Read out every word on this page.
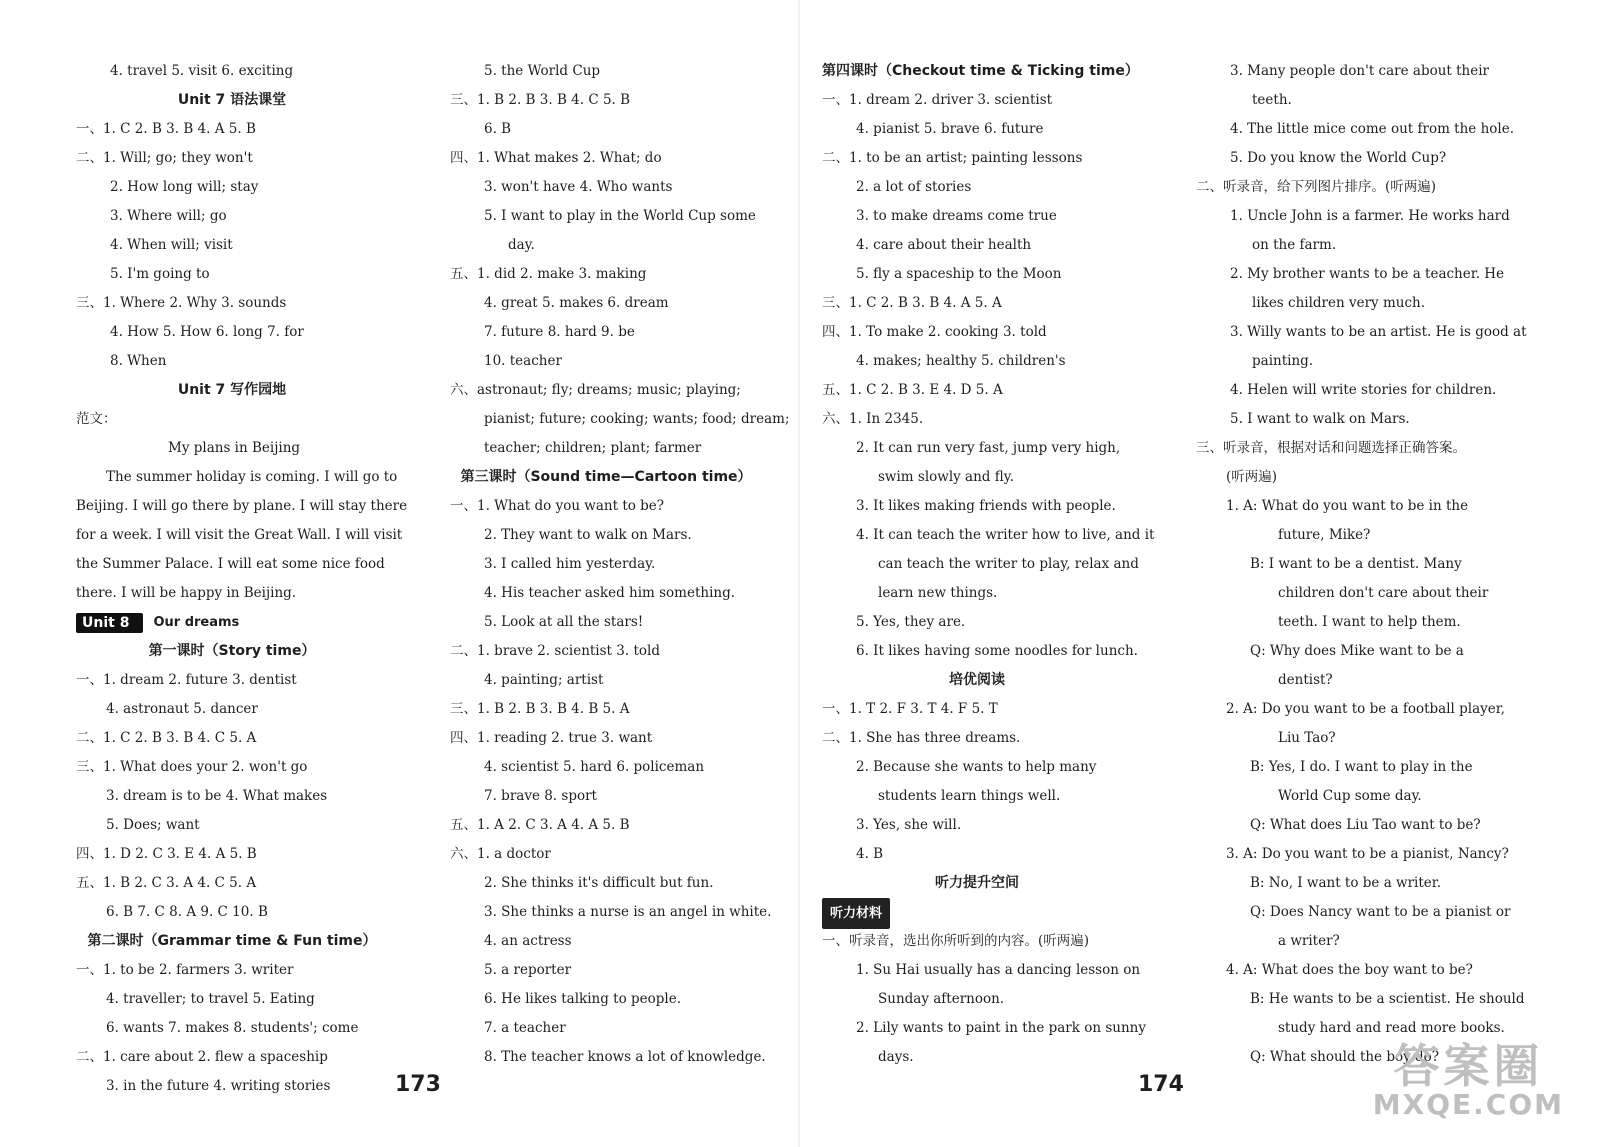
4. travel 5. visit 6. exciting
Unit 7 语法课堂
一、1. C 2. B 3. B 4. A 5. B
二、1. Will; go; they won't
2. How long will; stay
3. Where will; go
4. When will; visit
5. I'm going to
三、1. Where 2. Why 3. sounds
4. How 5. How 6. long 7. for
8. When
Unit 7 写作园地
范文：
My plans in Beijing
The summer holiday is coming. I will go to
Beijing. I will go there by plane. I will stay there
for a week. I will visit the Great Wall. I will visit
the Summer Palace. I will eat some nice food
there. I will be happy in Beijing.
Unit 8	Our dreams
第一课时（Story time）
一、1. dream 2. future 3. dentist
4. astronaut 5. dancer
二、1. C 2. B 3. B 4. C 5. A
三、1. What does your 2. won't go
3. dream is to be 4. What makes
5. Does; want
四、1. D 2. C 3. E 4. A 5. B
五、1. B 2. C 3. A 4. C 5. A
6. B 7. C 8. A 9. C 10. B
第二课时（Grammar time & Fun time）
一、1. to be 2. farmers 3. writer
4. traveller; to travel 5. Eating
6. wants 7. makes 8. students'; come
二、1. care about 2. flew a spaceship
3. in the future 4. writing stories
5. the World Cup
三、1. B 2. B 3. B 4. C 5. B
6. B
四、1. What makes 2. What; do
3. won't have 4. Who wants
5. I want to play in the World Cup some
day.
五、1. did 2. make 3. making
4. great 5. makes 6. dream
7. future 8. hard 9. be
10. teacher
六、astronaut; fly; dreams; music; playing;
pianist; future; cooking; wants; food; dream;
teacher; children; plant; farmer
第三课时（Sound time—Cartoon time）
一、1. What do you want to be?
2. They want to walk on Mars.
3. I called him yesterday.
4. His teacher asked him something.
5. Look at all the stars!
二、1. brave 2. scientist 3. told
4. painting; artist
三、1. B 2. B 3. B 4. B 5. A
四、1. reading 2. true 3. want
4. scientist 5. hard 6. policeman
7. brave 8. sport
五、1. A 2. C 3. A 4. A 5. B
六、1. a doctor
2. She thinks it's difficult but fun.
3. She thinks a nurse is an angel in white.
4. an actress
5. a reporter
6. He likes talking to people.
7. a teacher
8. The teacher knows a lot of knowledge.
第四课时（Checkout time & Ticking time）
一、1. dream 2. driver 3. scientist
4. pianist 5. brave 6. future
二、1. to be an artist; painting lessons
2. a lot of stories
3. to make dreams come true
4. care about their health
5. fly a spaceship to the Moon
三、1. C 2. B 3. B 4. A 5. A
四、1. To make 2. cooking 3. told
4. makes; healthy 5. children's
五、1. C 2. B 3. E 4. D 5. A
六、1. In 2345.
2. It can run very fast, jump very high,
swim slowly and fly.
3. It likes making friends with people.
4. It can teach the writer how to live, and it
can teach the writer to play, relax and
learn new things.
5. Yes, they are.
6. It likes having some noodles for lunch.
培优阅读
一、1. T 2. F 3. T 4. F 5. T
二、1. She has three dreams.
2. Because she wants to help many
students learn things well.
3. Yes, she will.
4. B
听力提升空间
听力材料
一、听录音，选出你所听到的内容。(听两遍)
1. Su Hai usually has a dancing lesson on
Sunday afternoon.
2. Lily wants to paint in the park on sunny
days.
3. Many people don't care about their
teeth.
4. The little mice come out from the hole.
5. Do you know the World Cup?
二、听录音，给下列图片排序。(听两遍)
1. Uncle John is a farmer. He works hard
on the farm.
2. My brother wants to be a teacher. He
likes children very much.
3. Willy wants to be an artist. He is good at
painting.
4. Helen will write stories for children.
5. I want to walk on Mars.
三、听录音，根据对话和问题选择正确答案。
(听两遍)
1. A: What do you want to be in the
future, Mike?
B: I want to be a dentist. Many
children don't care about their
teeth. I want to help them.
Q: Why does Mike want to be a
dentist?
2. A: Do you want to be a football player,
Liu Tao?
B: Yes, I do. I want to play in the
World Cup some day.
Q: What does Liu Tao want to be?
3. A: Do you want to be a pianist, Nancy?
B: No, I want to be a writer.
Q: Does Nancy want to be a pianist or
a writer?
4. A: What does the boy want to be?
B: He wants to be a scientist. He should
study hard and read more books.
Q: What should the boy do?
173	174	答案圈
MXQE.COM
